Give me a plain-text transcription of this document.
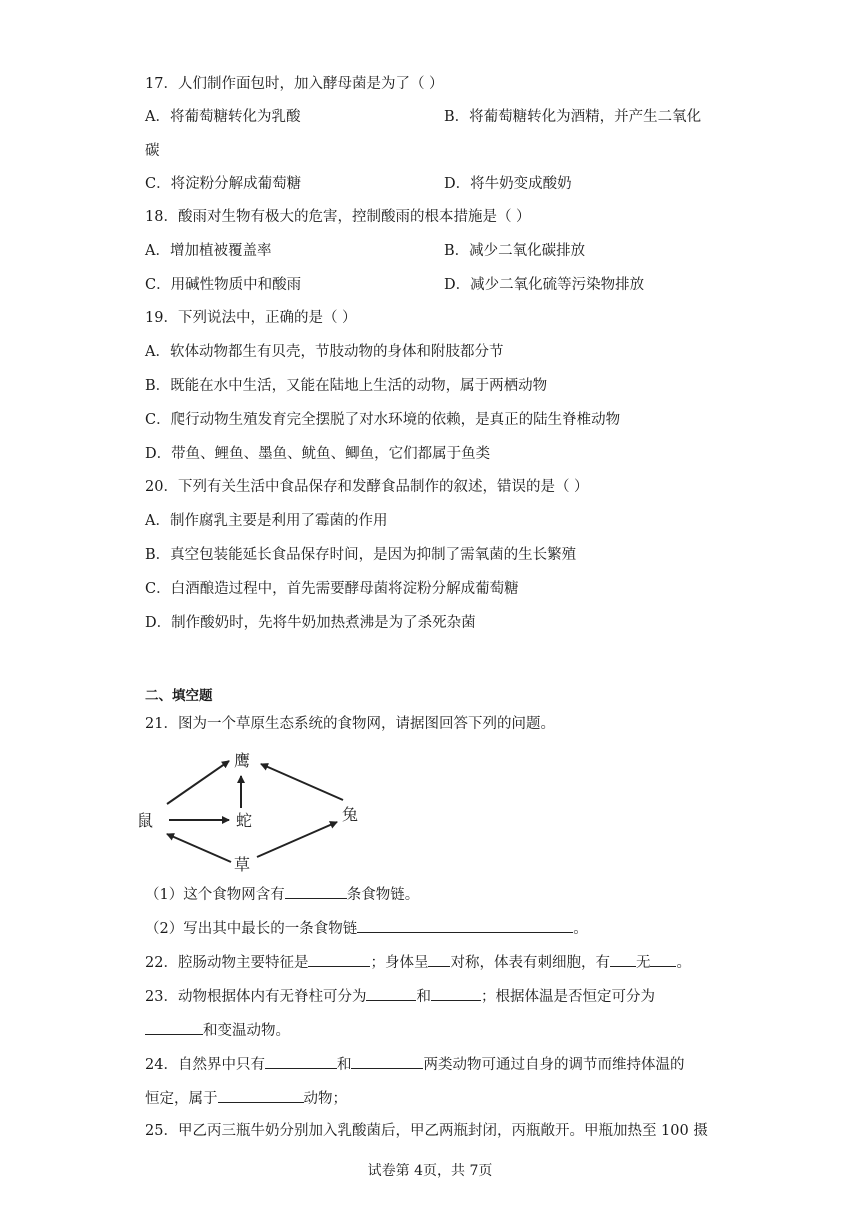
17．人们制作面包时，加入酵母菌是为了（ ）
A．将葡萄糖转化为乳酸	B．将葡萄糖转化为酒精，并产生二氧化
碳
C．将淀粉分解成葡萄糖	D．将牛奶变成酸奶
18．酸雨对生物有极大的危害，控制酸雨的根本措施是（ ）
A．增加植被覆盖率	B．减少二氧化碳排放
C．用碱性物质中和酸雨	D．减少二氧化硫等污染物排放
19．下列说法中，正确的是（ ）
A．软体动物都生有贝壳，节肢动物的身体和附肢都分节
B．既能在水中生活，又能在陆地上生活的动物，属于两栖动物
C．爬行动物生殖发育完全摆脱了对水环境的依赖，是真正的陆生脊椎动物
D．带鱼、鲤鱼、墨鱼、鱿鱼、鲫鱼，它们都属于鱼类
20．下列有关生活中食品保存和发酵食品制作的叙述，错误的是（ ）
A．制作腐乳主要是利用了霉菌的作用
B．真空包装能延长食品保存时间，是因为抑制了需氧菌的生长繁殖
C．白酒酿造过程中，首先需要酵母菌将淀粉分解成葡萄糖
D．制作酸奶时，先将牛奶加热煮沸是为了杀死杂菌
二、填空题
21．图为一个草原生态系统的食物网，请据图回答下列的问题。
鹰
鼠	蛇	兔
草
（1）这个食物网含有	条食物链。
（2）写出其中最长的一条食物链	。
22．腔肠动物主要特征是	；身体呈 对称，体表有刺细胞，有 无 。
23．动物根据体内有无脊柱可分为	和	；根据体温是否恒定可分为
和变温动物。
24．自然界中只有	和	两类动物可通过自身的调节而维持体温的
恒定，属于	动物；
25．甲乙丙三瓶牛奶分别加入乳酸菌后，甲乙两瓶封闭，丙瓶敞开。甲瓶加热至 100 摄
试卷第 4页，共 7页
